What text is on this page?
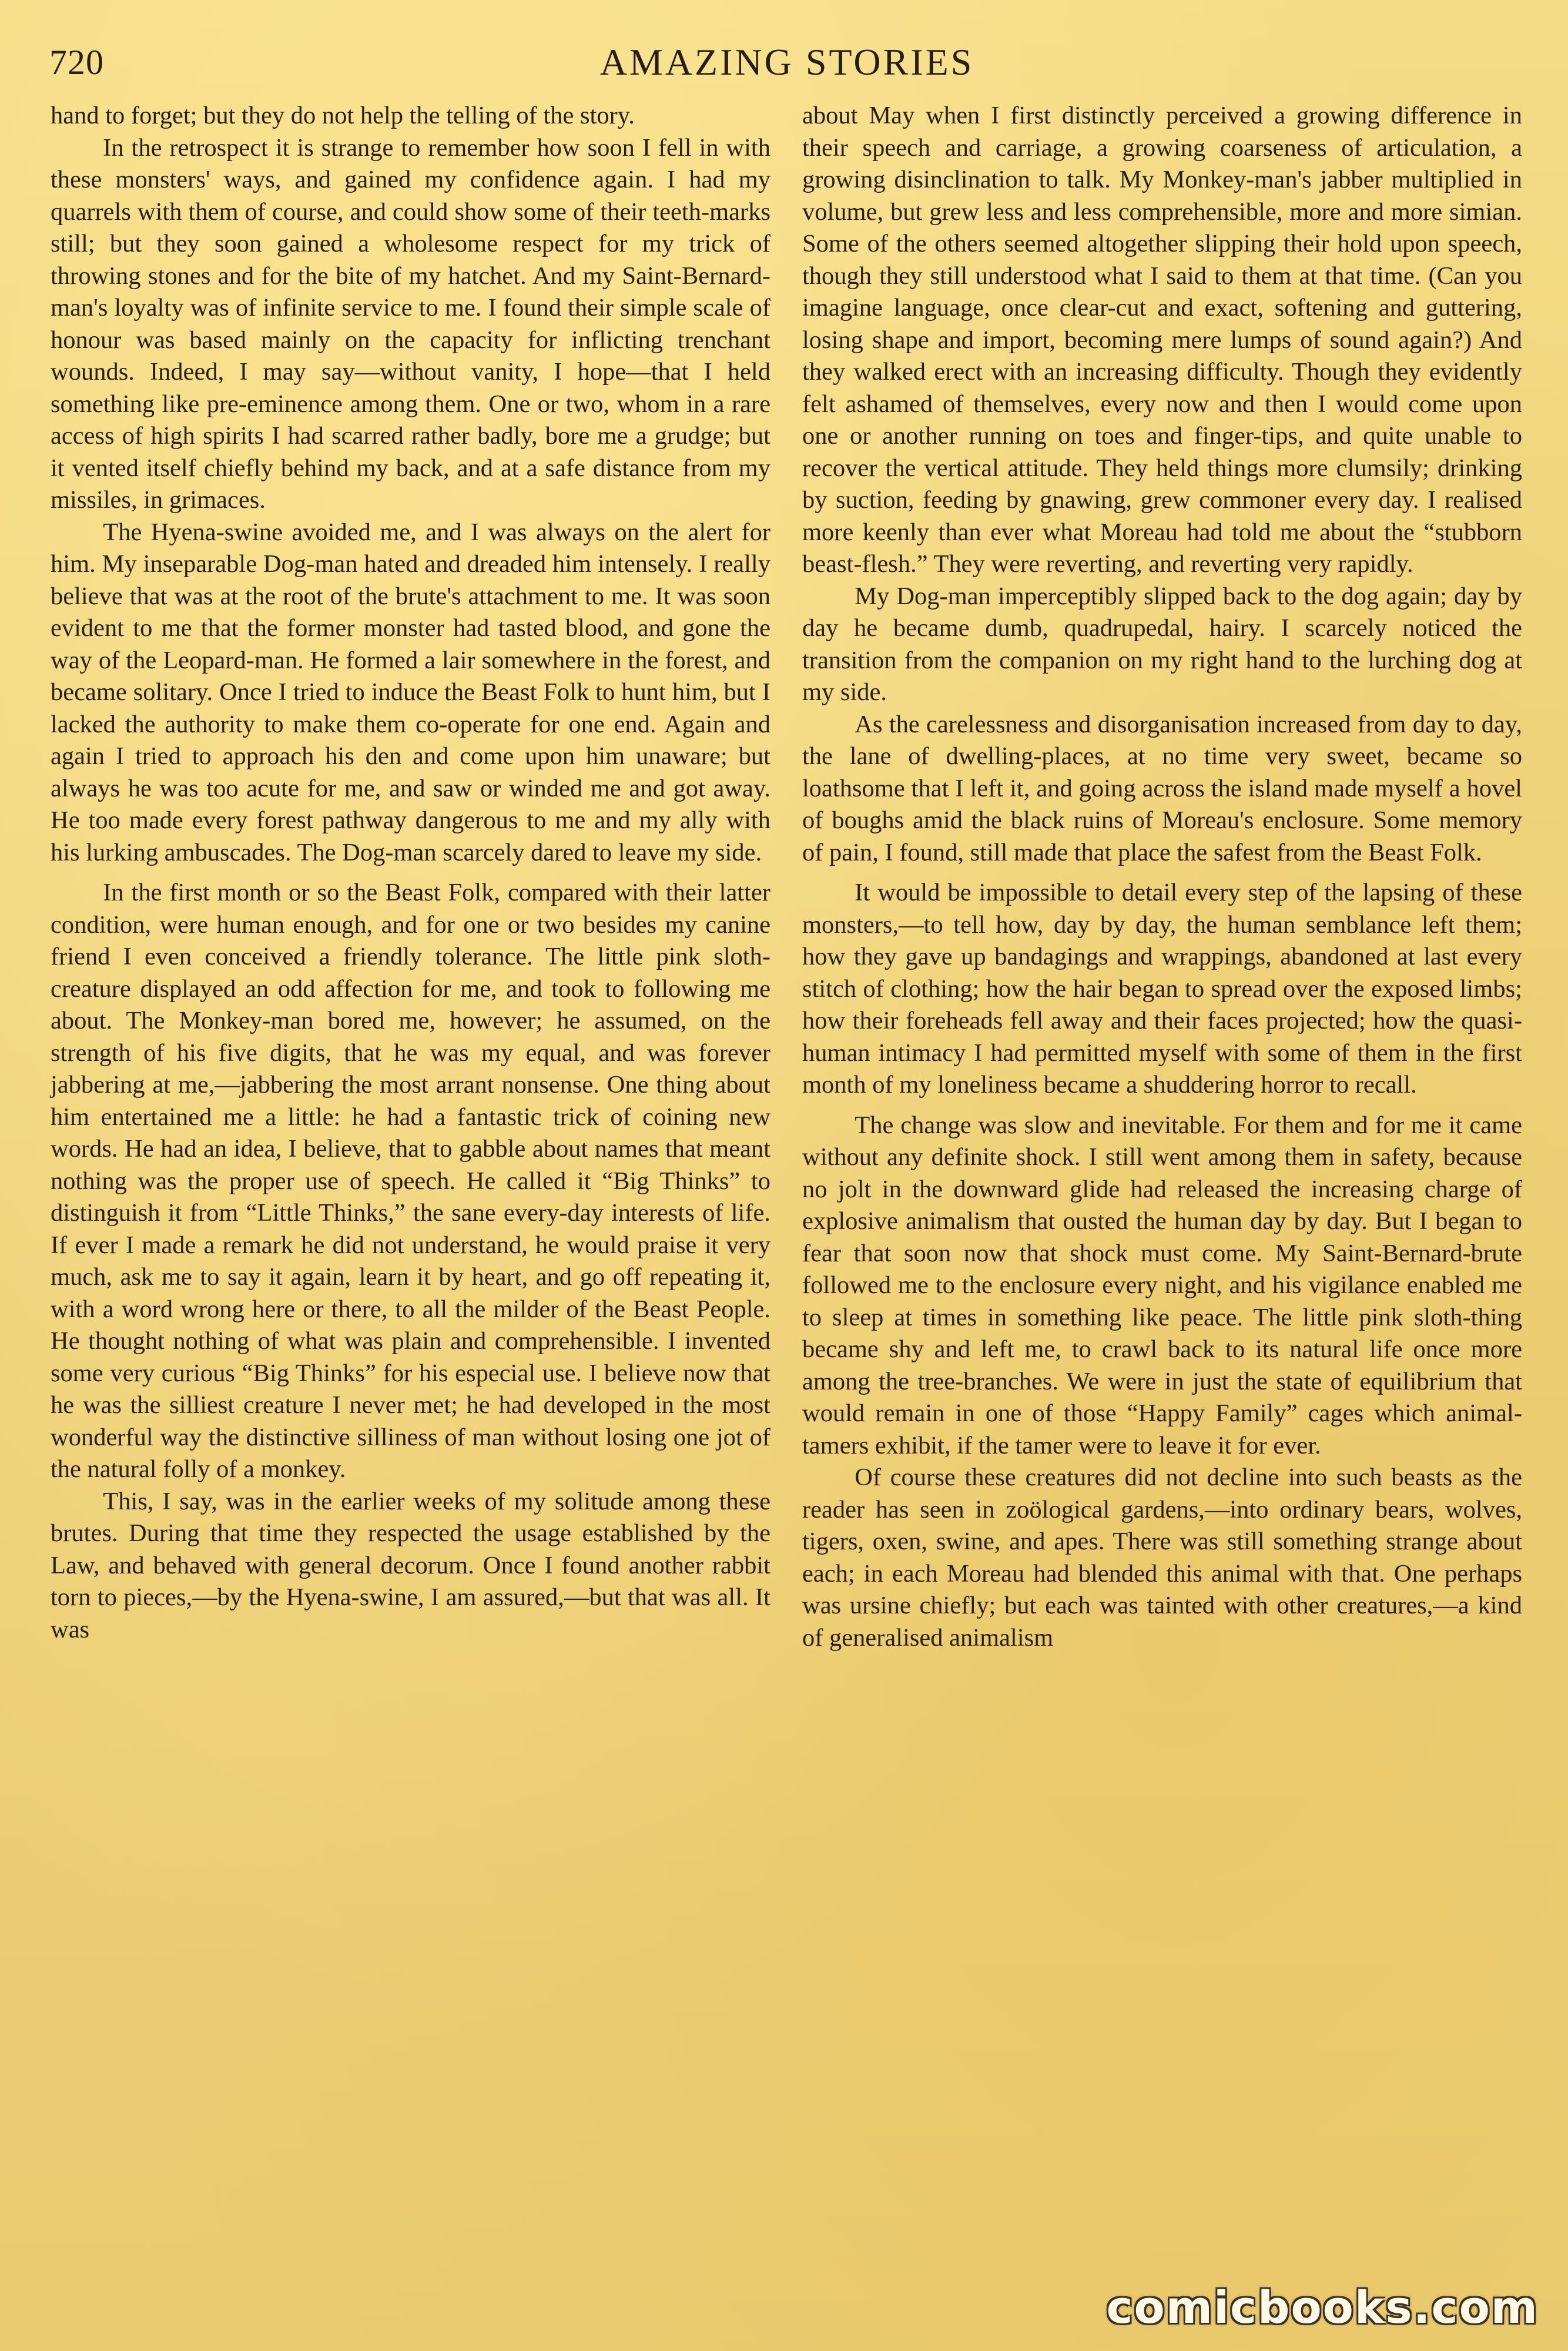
720	AMAZING STORIES

hand to forget; but they do not help the telling of the story.

In the retrospect it is strange to remember how soon I fell in with these monsters' ways, and gained my confidence again. I had my quarrels with them of course, and could show some of their teeth-marks still; but they soon gained a wholesome respect for my trick of throwing stones and for the bite of my hatchet. And my Saint-Bernard-man's loyalty was of infinite service to me. I found their simple scale of honour was based mainly on the capacity for inflicting trenchant wounds. Indeed, I may say—without vanity, I hope—that I held something like pre-eminence among them. One or two, whom in a rare access of high spirits I had scarred rather badly, bore me a grudge; but it vented itself chiefly behind my back, and at a safe distance from my missiles, in grimaces.

The Hyena-swine avoided me, and I was always on the alert for him. My inseparable Dog-man hated and dreaded him intensely. I really believe that was at the root of the brute's attachment to me. It was soon evident to me that the former monster had tasted blood, and gone the way of the Leopard-man. He formed a lair somewhere in the forest, and became solitary. Once I tried to induce the Beast Folk to hunt him, but I lacked the authority to make them co-operate for one end. Again and again I tried to approach his den and come upon him unaware; but always he was too acute for me, and saw or winded me and got away. He too made every forest pathway dangerous to me and my ally with his lurking ambuscades. The Dog-man scarcely dared to leave my side.

In the first month or so the Beast Folk, compared with their latter condition, were human enough, and for one or two besides my canine friend I even conceived a friendly tolerance. The little pink sloth-creature displayed an odd affection for me, and took to following me about. The Monkey-man bored me, however; he assumed, on the strength of his five digits, that he was my equal, and was forever jabbering at me,—jabbering the most arrant nonsense. One thing about him entertained me a little: he had a fantastic trick of coining new words. He had an idea, I believe, that to gabble about names that meant nothing was the proper use of speech. He called it “Big Thinks” to distinguish it from “Little Thinks,” the sane every-day interests of life. If ever I made a remark he did not understand, he would praise it very much, ask me to say it again, learn it by heart, and go off repeating it, with a word wrong here or there, to all the milder of the Beast People. He thought nothing of what was plain and comprehensible. I invented some very curious “Big Thinks” for his especial use. I believe now that he was the silliest creature I never met; he had developed in the most wonderful way the distinctive silliness of man without losing one jot of the natural folly of a monkey.

This, I say, was in the earlier weeks of my solitude among these brutes. During that time they respected the usage established by the Law, and behaved with general decorum. Once I found another rabbit torn to pieces,—by the Hyena-swine, I am assured,—but that was all. It was

about May when I first distinctly perceived a growing difference in their speech and carriage, a growing coarseness of articulation, a growing disinclination to talk. My Monkey-man's jabber multiplied in volume, but grew less and less comprehensible, more and more simian. Some of the others seemed altogether slipping their hold upon speech, though they still understood what I said to them at that time. (Can you imagine language, once clear-cut and exact, softening and guttering, losing shape and import, becoming mere lumps of sound again?) And they walked erect with an increasing difficulty. Though they evidently felt ashamed of themselves, every now and then I would come upon one or another running on toes and finger-tips, and quite unable to recover the vertical attitude. They held things more clumsily; drinking by suction, feeding by gnawing, grew commoner every day. I realised more keenly than ever what Moreau had told me about the “stubborn beast-flesh.” They were reverting, and reverting very rapidly.

My Dog-man imperceptibly slipped back to the dog again; day by day he became dumb, quadrupedal, hairy. I scarcely noticed the transition from the companion on my right hand to the lurching dog at my side.

As the carelessness and disorganisation increased from day to day, the lane of dwelling-places, at no time very sweet, became so loathsome that I left it, and going across the island made myself a hovel of boughs amid the black ruins of Moreau's enclosure. Some memory of pain, I found, still made that place the safest from the Beast Folk.

It would be impossible to detail every step of the lapsing of these monsters,—to tell how, day by day, the human semblance left them; how they gave up bandagings and wrappings, abandoned at last every stitch of clothing; how the hair began to spread over the exposed limbs; how their foreheads fell away and their faces projected; how the quasi-human intimacy I had permitted myself with some of them in the first month of my loneliness became a shuddering horror to recall.

The change was slow and inevitable. For them and for me it came without any definite shock. I still went among them in safety, because no jolt in the downward glide had released the increasing charge of explosive animalism that ousted the human day by day. But I began to fear that soon now that shock must come. My Saint-Bernard-brute followed me to the enclosure every night, and his vigilance enabled me to sleep at times in something like peace. The little pink sloth-thing became shy and left me, to crawl back to its natural life once more among the tree-branches. We were in just the state of equilibrium that would remain in one of those “Happy Family” cages which animal-tamers exhibit, if the tamer were to leave it for ever.

Of course these creatures did not decline into such beasts as the reader has seen in zoölogical gardens,—into ordinary bears, wolves, tigers, oxen, swine, and apes. There was still something strange about each; in each Moreau had blended this animal with that. One perhaps was ursine chiefly; but each was tainted with other creatures,—a kind of generalised animalism

comicbooks.com
